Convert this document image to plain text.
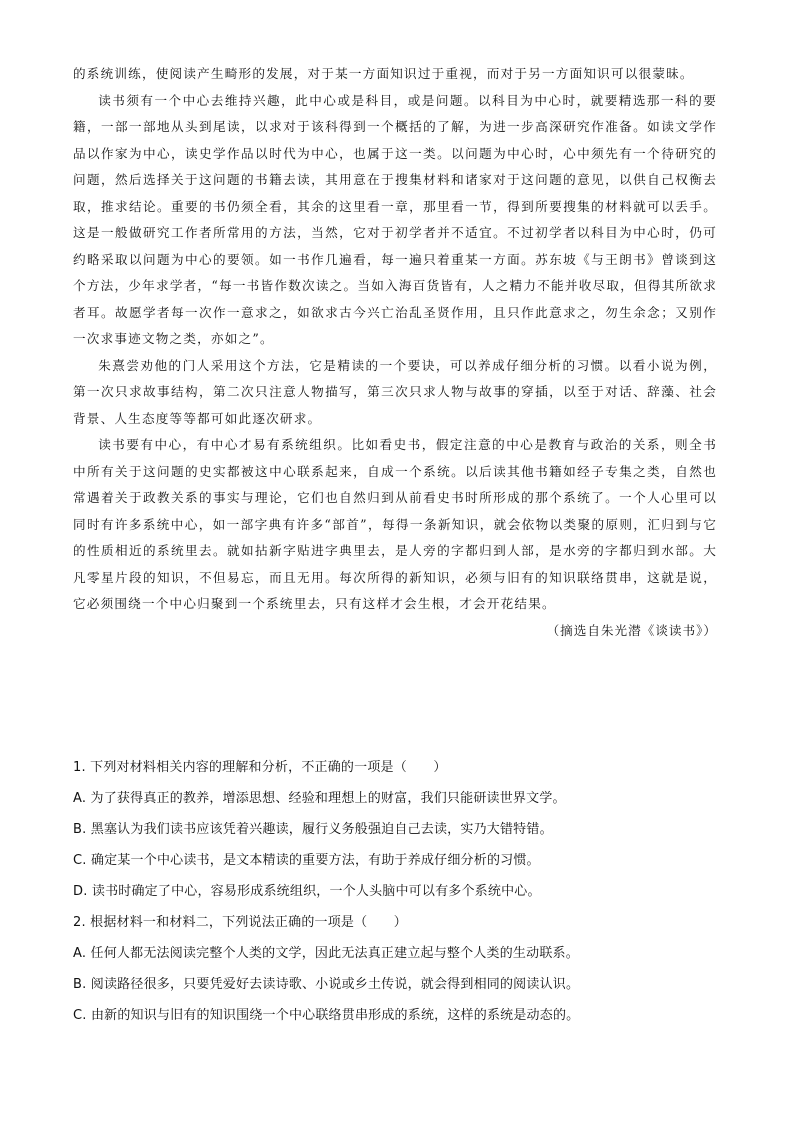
的系统训练，使阅读产生畸形的发展，对于某一方面知识过于重视，而对于另一方面知识可以很蒙昧。

读书须有一个中心去维持兴趣，此中心或是科目，或是问题。以科目为中心时，就要精选那一科的要籍，一部一部地从头到尾读，以求对于该科得到一个概括的了解，为进一步高深研究作准备。如读文学作品以作家为中心，读史学作品以时代为中心，也属于这一类。以问题为中心时，心中须先有一个待研究的问题，然后选择关于这问题的书籍去读，其用意在于搜集材料和诸家对于这问题的意见，以供自己权衡去取，推求结论。重要的书仍须全看，其余的这里看一章，那里看一节，得到所要搜集的材料就可以丢手。这是一般做研究工作者所常用的方法，当然，它对于初学者并不适宜。不过初学者以科目为中心时，仍可约略采取以问题为中心的要领。如一书作几遍看，每一遍只着重某一方面。苏东坡《与王朗书》曾谈到这个方法，少年求学者，“每一书皆作数次读之。当如入海百货皆有，人之精力不能并收尽取，但得其所欲求者耳。故愿学者每一次作一意求之，如欲求古今兴亡治乱圣贤作用，且只作此意求之，勿生余念；又别作一次求事迹文物之类，亦如之”。

朱熹尝劝他的门人采用这个方法，它是精读的一个要诀，可以养成仔细分析的习惯。以看小说为例，第一次只求故事结构，第二次只注意人物描写，第三次只求人物与故事的穿插，以至于对话、辞藻、社会背景、人生态度等等都可如此逐次研求。

读书要有中心，有中心才易有系统组织。比如看史书，假定注意的中心是教育与政治的关系，则全书中所有关于这问题的史实都被这中心联系起来，自成一个系统。以后读其他书籍如经子专集之类，自然也常遇着关于政教关系的事实与理论，它们也自然归到从前看史书时所形成的那个系统了。一个人心里可以同时有许多系统中心，如一部字典有许多“部首”，每得一条新知识，就会依物以类聚的原则，汇归到与它的性质相近的系统里去。就如拈新字贴进字典里去，是人旁的字都归到人部，是水旁的字都归到水部。大凡零星片段的知识，不但易忘，而且无用。每次所得的新知识，必须与旧有的知识联络贯串，这就是说，它必须围绕一个中心归聚到一个系统里去，只有这样才会生根，才会开花结果。

（摘选自朱光潜《谈读书》）

1. 下列对材料相关内容的理解和分析，不正确的一项是（　　）

A. 为了获得真正的教养，增添思想、经验和理想上的财富，我们只能研读世界文学。

B. 黑塞认为我们读书应该凭着兴趣读，履行义务般强迫自己去读，实乃大错特错。

C. 确定某一个中心读书，是文本精读的重要方法，有助于养成仔细分析的习惯。

D. 读书时确定了中心，容易形成系统组织，一个人头脑中可以有多个系统中心。

2. 根据材料一和材料二，下列说法正确的一项是（　　）

A. 任何人都无法阅读完整个人类的文学，因此无法真正建立起与整个人类的生动联系。

B. 阅读路径很多，只要凭爱好去读诗歌、小说或乡土传说，就会得到相同的阅读认识。

C. 由新的知识与旧有的知识围绕一个中心联络贯串形成的系统，这样的系统是动态的。
